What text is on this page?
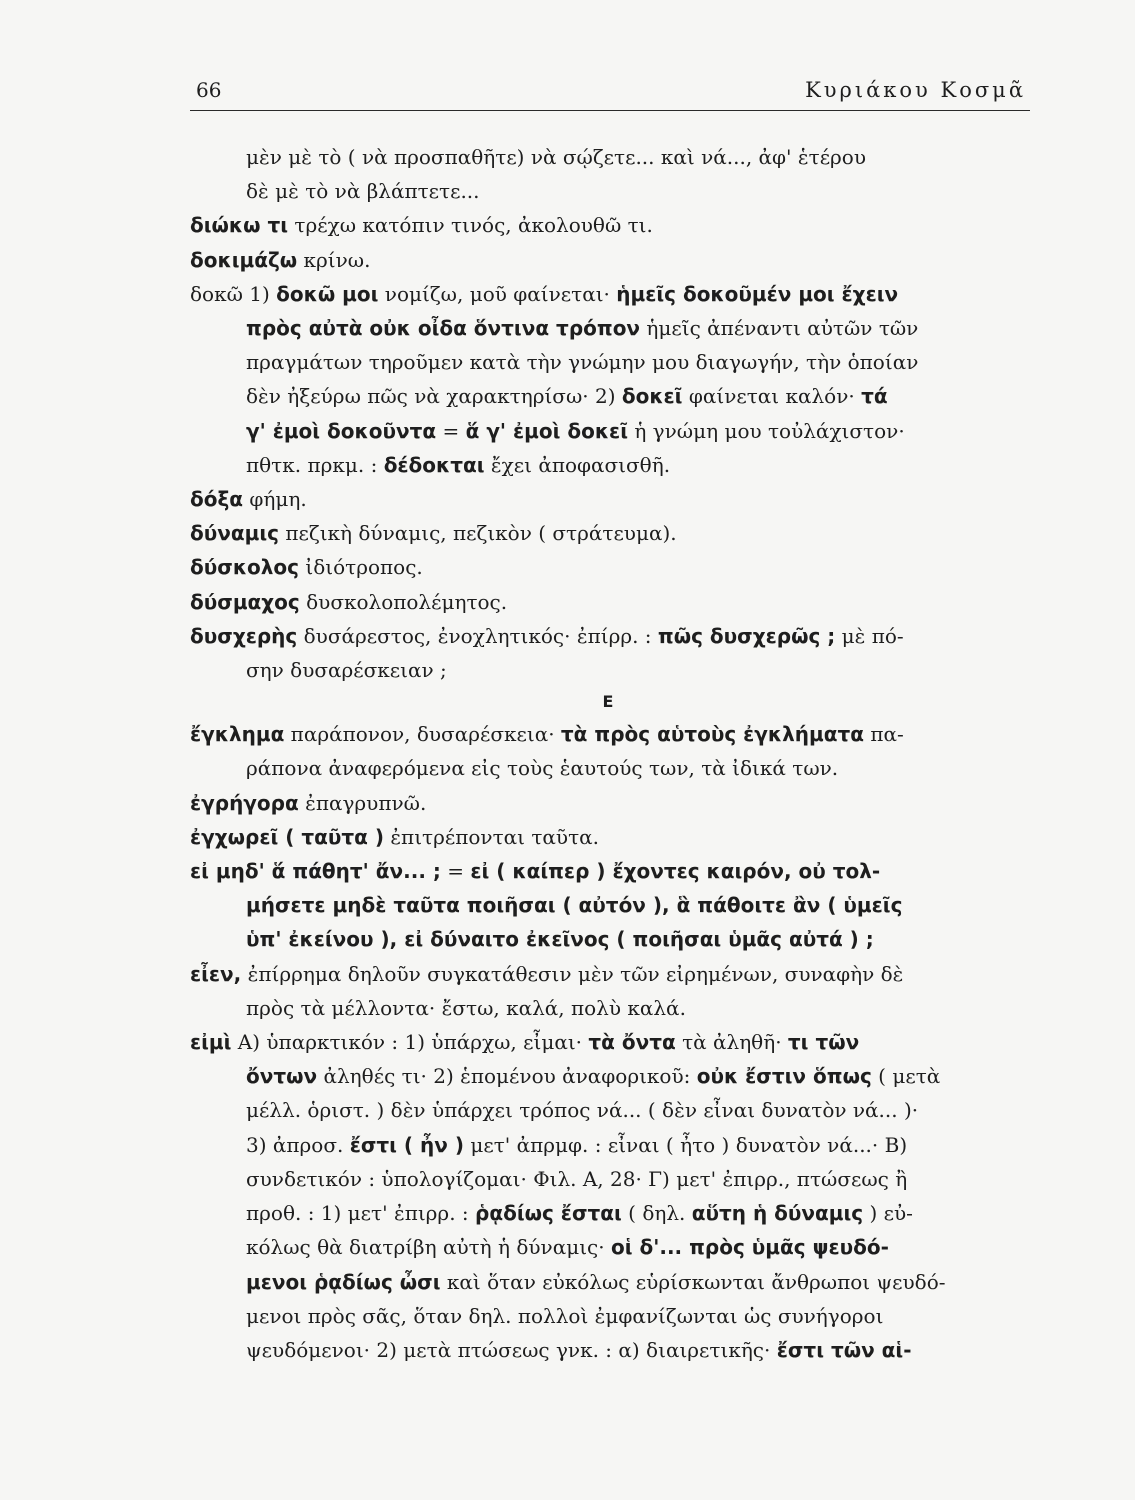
66	Κυριάκου Κοσμᾶ
μὲν μὲ τὸ ( νὰ προσπαθῆτε) νὰ σῴζετε... καὶ νά..., ἀφ' ἑτέρου
δὲ μὲ τὸ νὰ βλάπτετε...
διώκω τι τρέχω κατόπιν τινός, ἀκολουθῶ τι.
δοκιμάζω κρίνω.
δοκῶ 1) δοκῶ μοι νομίζω, μοῦ φαίνεται· ἡμεῖς δοκοῦμέν μοι ἔχειν
πρὸς αὐτὰ οὐκ οἶδα ὅντινα τρόπον ἡμεῖς ἀπέναντι αὐτῶν τῶν
πραγμάτων τηροῦμεν κατὰ τὴν γνώμην μου διαγωγήν, τὴν ὁποίαν
δὲν ἠξεύρω πῶς νὰ χαρακτηρίσω· 2) δοκεῖ φαίνεται καλόν· τά
γ' ἐμοὶ δοκοῦντα = ἅ γ' ἐμοὶ δοκεῖ ἡ γνώμη μου τοὐλάχιστον·
πθτκ. πρκμ. : δέδοκται ἔχει ἀποφασισθῆ.
δόξα φήμη.
δύναμις πεζικὴ δύναμις, πεζικὸν ( στράτευμα).
δύσκολος ἰδιότροπος.
δύσμαχος δυσκολοπολέμητος.
δυσχερὴς δυσάρεστος, ἐνοχλητικός· ἐπίρρ. : πῶς δυσχερῶς ; μὲ πό-
σην δυσαρέσκειαν ;
Ε
ἔγκλημα παράπονον, δυσαρέσκεια· τὰ πρὸς αὑτοὺς ἐγκλήματα πα-
ράπονα ἀναφερόμενα εἰς τοὺς ἑαυτούς των, τὰ ἰδικά των.
ἐγρήγορα ἐπαγρυπνῶ.
ἐγχωρεῖ ( ταῦτα ) ἐπιτρέπονται ταῦτα.
εἰ μηδ' ἅ πάθητ' ἄν... ; = εἰ ( καίπερ ) ἔχοντες καιρόν, οὐ τολ-
μήσετε μηδὲ ταῦτα ποιῆσαι ( αὐτόν ), ἃ πάθοιτε ἂν ( ὑμεῖς
ὑπ' ἐκείνου ), εἰ δύναιτο ἐκεῖνος ( ποιῆσαι ὑμᾶς αὐτά ) ;
εἶεν, ἐπίρρημα δηλοῦν συγκατάθεσιν μὲν τῶν εἰρημένων, συναφὴν δὲ
πρὸς τὰ μέλλοντα· ἔστω, καλά, πολὺ καλά.
εἰμὶ Α) ὑπαρκτικόν : 1) ὑπάρχω, εἶμαι· τὰ ὄντα τὰ ἀληθῆ· τι τῶν
ὄντων ἀληθές τι· 2) ἑπομένου ἀναφορικοῦ: οὐκ ἔστιν ὅπως ( μετὰ
μέλλ. ὁριστ. ) δὲν ὑπάρχει τρόπος νά... ( δὲν εἶναι δυνατὸν νά... )·
3) ἀπροσ. ἔστι ( ἦν ) μετ' ἀπρμφ. : εἶναι ( ἦτο ) δυνατὸν νά...· Β)
συνδετικόν : ὑπολογίζομαι· Φιλ. Α, 28· Γ) μετ' ἐπιρρ., πτώσεως ἢ
προθ. : 1) μετ' ἐπιρρ. : ῥᾳδίως ἔσται ( δηλ. αὕτη ἡ δύναμις ) εὐ-
κόλως θὰ διατρίβη αὐτὴ ἡ δύναμις· οἱ δ'... πρὸς ὑμᾶς ψευδό-
μενοι ῥᾳδίως ὦσι καὶ ὅταν εὐκόλως εὑρίσκωνται ἄνθρωποι ψευδό-
μενοι πρὸς σᾶς, ὅταν δηλ. πολλοὶ ἐμφανίζωνται ὡς συνήγοροι
ψευδόμενοι· 2) μετὰ πτώσεως γνκ. : α) διαιρετικῆς· ἔστι τῶν αἱ-
